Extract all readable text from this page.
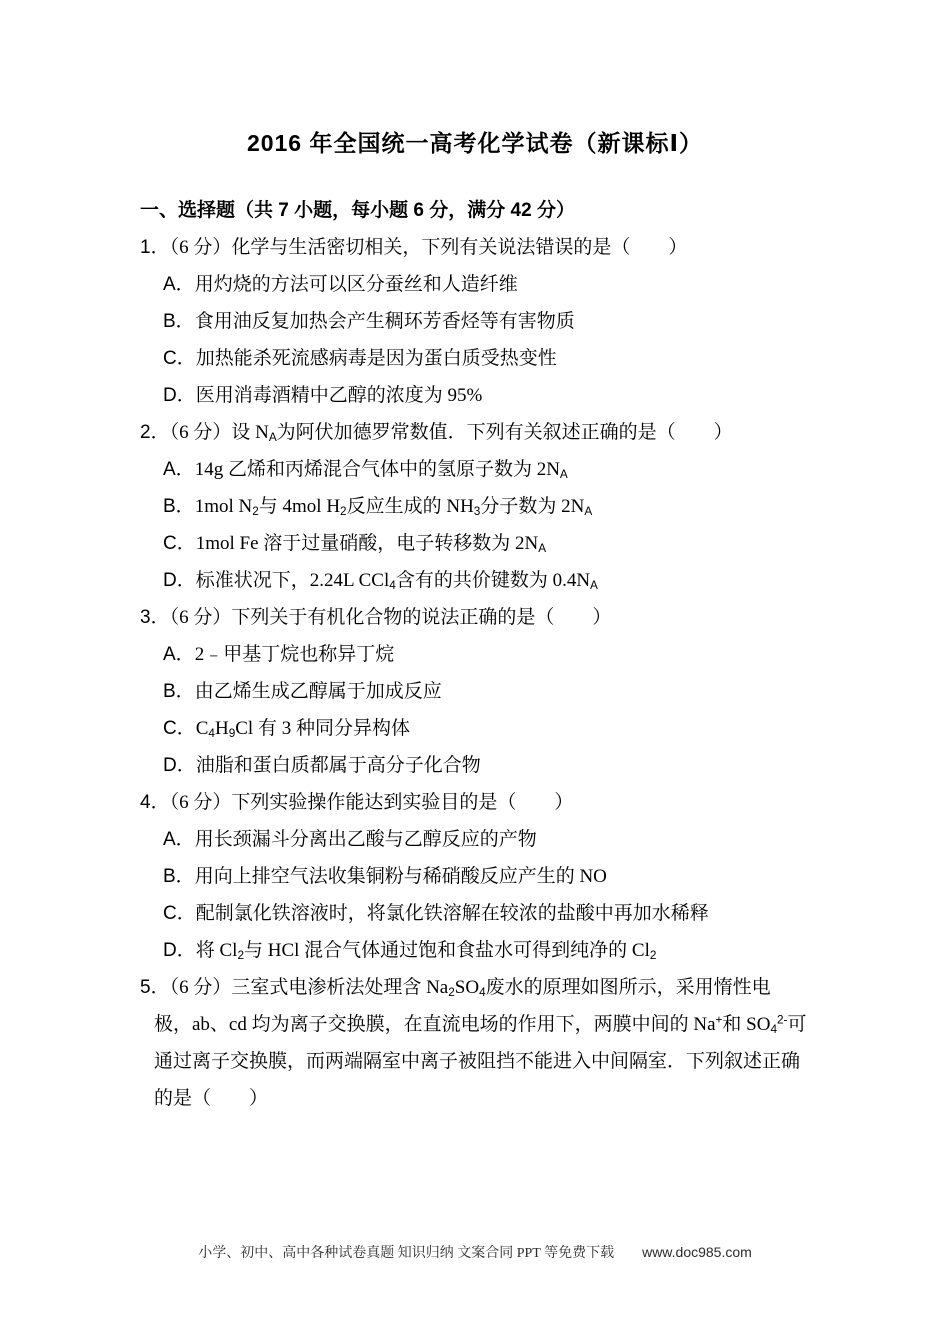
2016 年全国统一高考化学试卷（新课标Ⅰ）
一、选择题（共 7 小题，每小题 6 分，满分 42 分）

1．（6 分）化学与生活密切相关，下列有关说法错误的是（　　）

A．用灼烧的方法可以区分蚕丝和人造纤维

B．食用油反复加热会产生稠环芳香烃等有害物质

C．加热能杀死流感病毒是因为蛋白质受热变性

D．医用消毒酒精中乙醇的浓度为 95%

2．（6 分）设 $N_A$为阿伏加德罗常数值．下列有关叙述正确的是（　　）

A．14g 乙烯和丙烯混合气体中的氢原子数为 $2N_A$

B．1mol $N_2$与 4mol $H_2$反应生成的 $NH_3$分子数为 $2N_A$

C．1mol Fe 溶于过量硝酸，电子转移数为 $2N_A$

D．标准状况下，2.24L CCl$_4$含有的共价键数为 $0.4N_A$

3．（6 分）下列关于有机化合物的说法正确的是（　　）

A．2﹣甲基丁烷也称异丁烷

B．由乙烯生成乙醇属于加成反应

C．$C_4H_9Cl$ 有 3 种同分异构体

D．油脂和蛋白质都属于高分子化合物

4．（6 分）下列实验操作能达到实验目的是（　　）

A．用长颈漏斗分离出乙酸与乙醇反应的产物

B．用向上排空气法收集铜粉与稀硝酸反应产生的 NO

C．配制氯化铁溶液时，将氯化铁溶解在较浓的盐酸中再加水稀释

D．将 $Cl_2$与 HCl 混合气体通过饱和食盐水可得到纯净的 $Cl_2$

5．（6 分）三室式电渗析法处理含 $Na_2SO_4$废水的原理如图所示，采用惰性电极，ab、cd 均为离子交换膜，在直流电场的作用下，两膜中间的 Na+和 $SO_4^{2-}$可通过离子交换膜，而两端隔室中离子被阻挡不能进入中间隔室．下列叙述正确的是（　　）

小学、初中、高中各种试卷真题 知识归纳 文案合同 PPT 等免费下载 www.doc985.com
